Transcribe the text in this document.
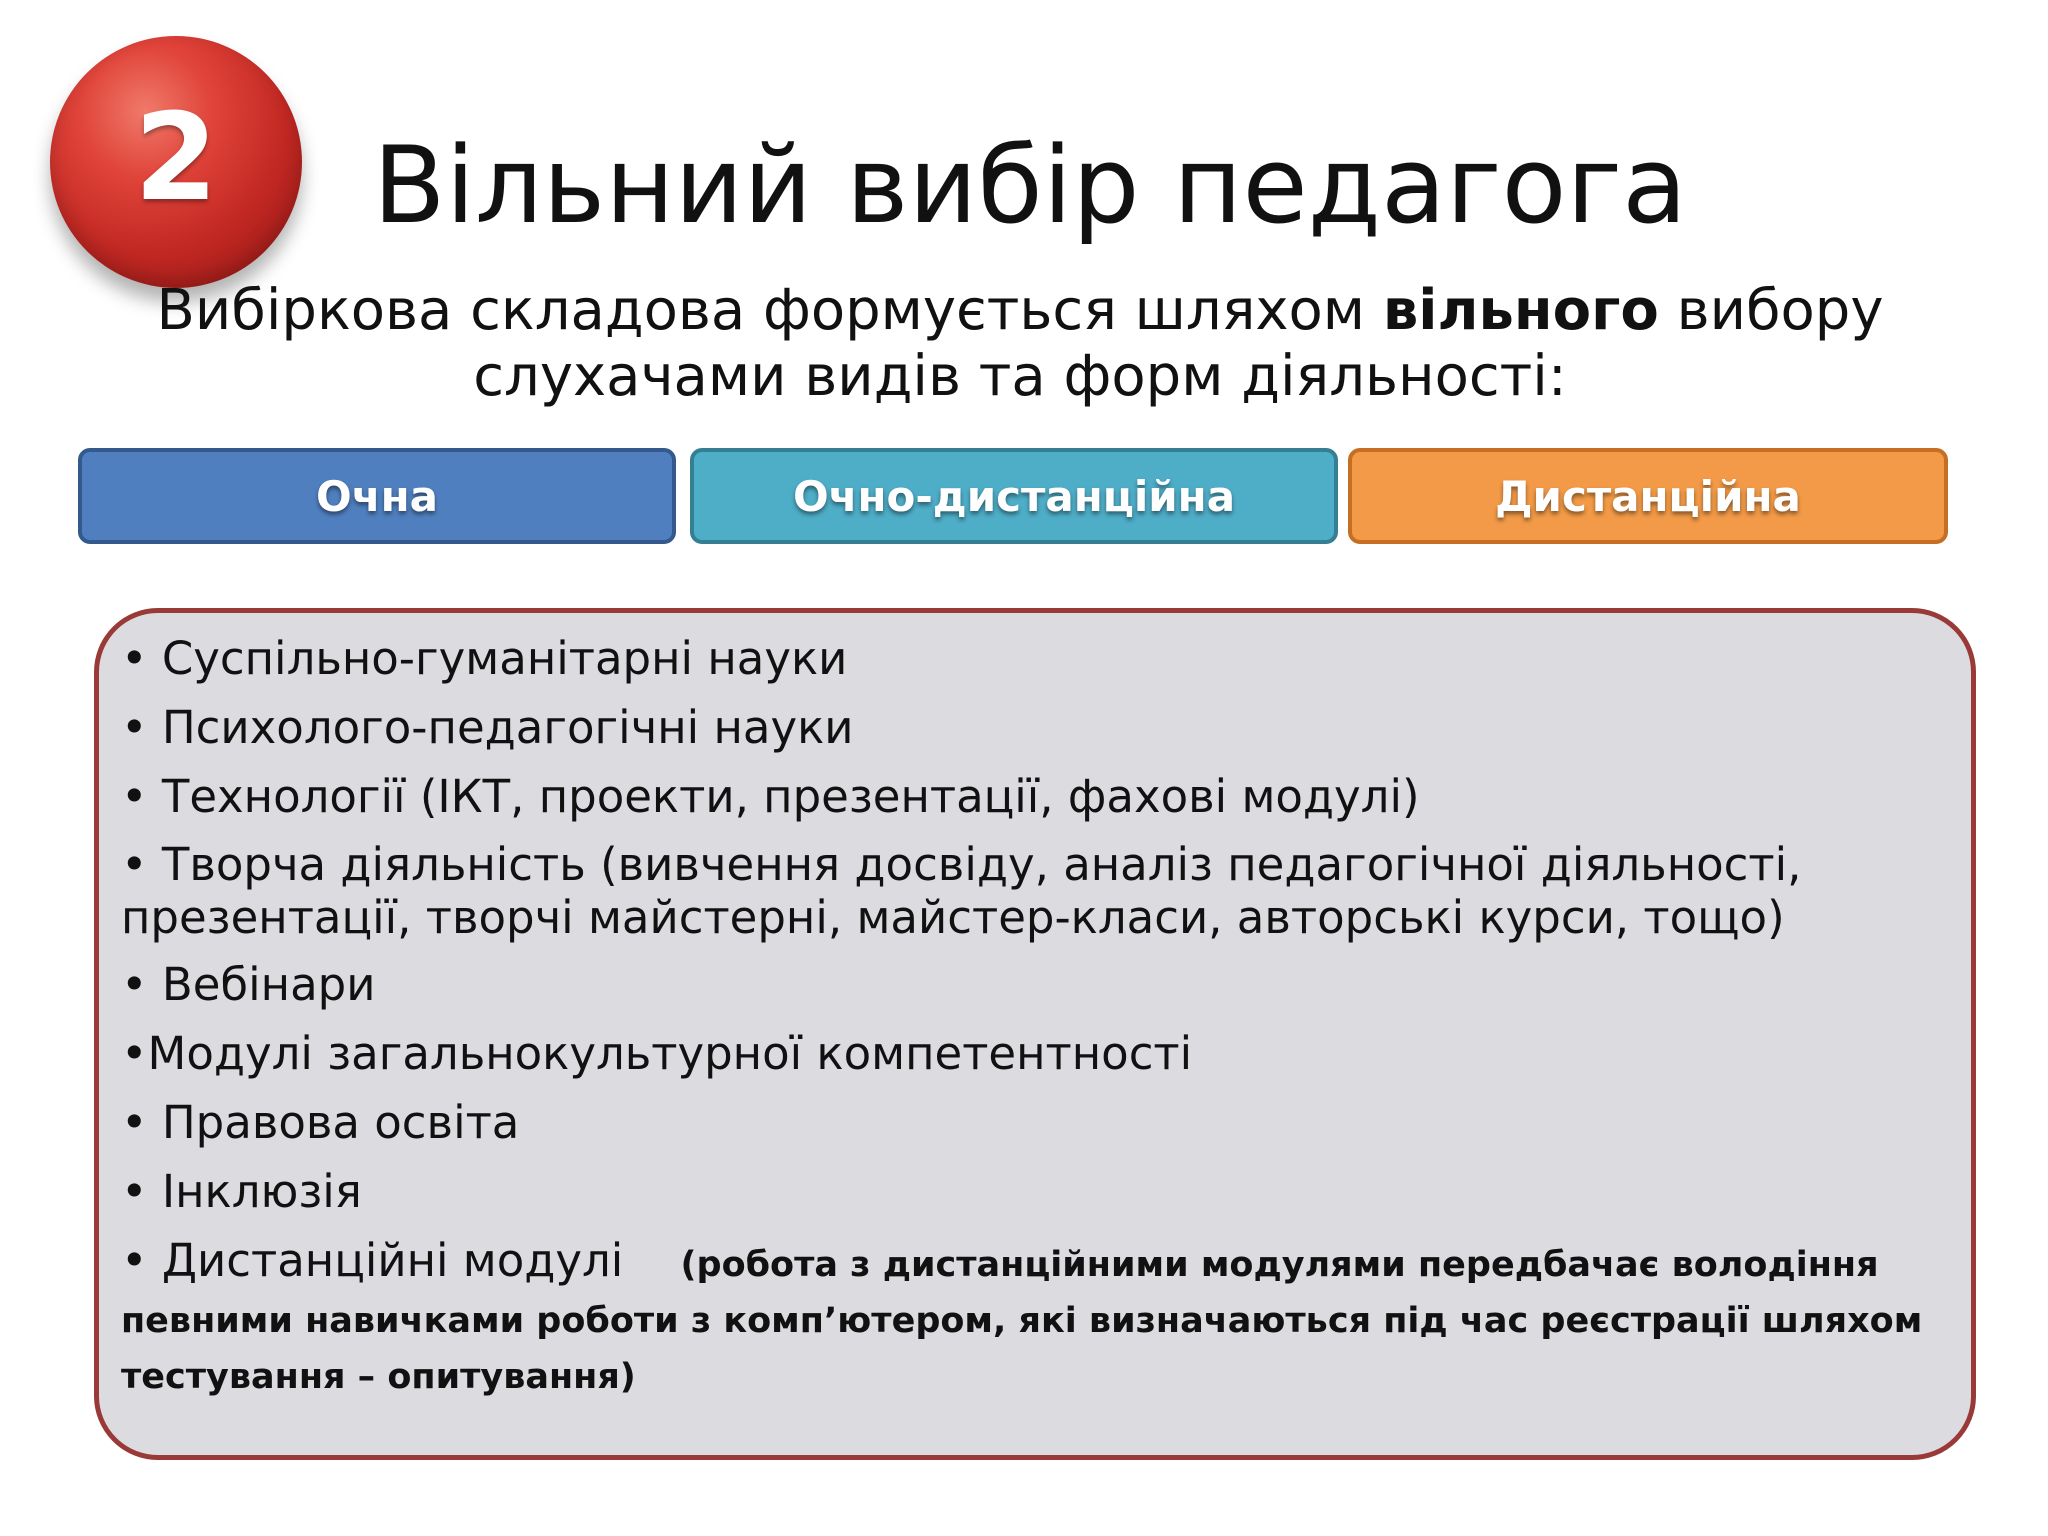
2	Вільний вибір педагога
Вибіркова складова формується шляхом вільного вибору
слухачами видів та форм діяльності:
Очна	Очно-дистанційна	Дистанційна
• Суспільно-гуманітарні науки
• Психолого-педагогічні науки
• Технології (ІКТ, проекти, презентації, фахові модулі)
• Творча діяльність (вивчення досвіду, аналіз педагогічної діяльності, презентації, творчі майстерні, майстер-класи, авторські курси, тощо)
• Вебінари
•Модулі загальнокультурної компетентності
• Правова освіта
• Інклюзія
• Дистанційні модулі (робота з дистанційними модулями передбачає володіння певними навичками роботи з комп’ютером, які визначаються під час реєстрації шляхом тестування – опитування)
